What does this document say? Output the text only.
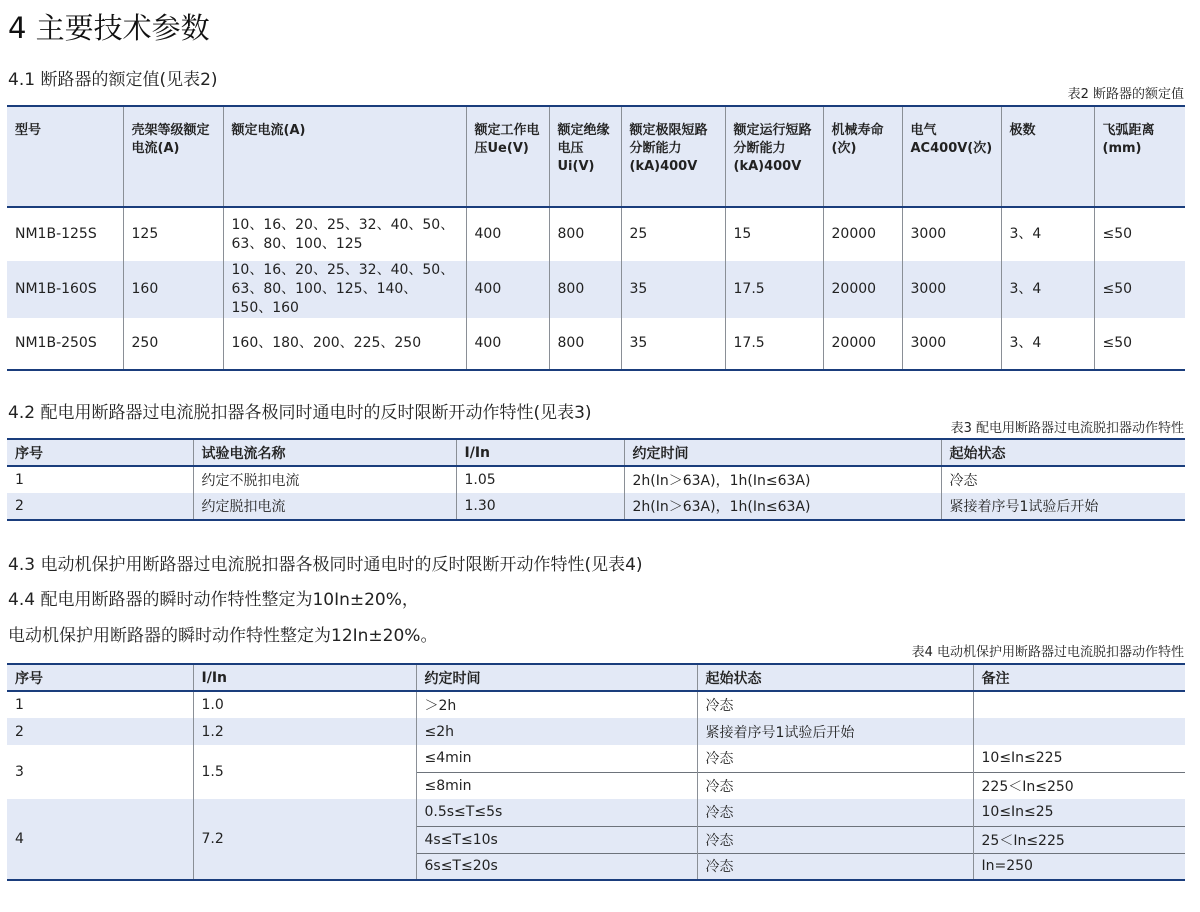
4 主要技术参数
4.1 断路器的额定值(见表2)
表2 断路器的额定值
型号	壳架等级额定电流(A)	额定电流(A)	额定工作电压Ue(V)	额定绝缘电压Ui(V)	额定极限短路分断能力(kA)400V	额定运行短路分断能力(kA)400V	机械寿命(次)	电气AC400V(次)	极数	飞弧距离(mm)
NM1B-125S	125	10、16、20、25、32、40、50、63、80、100、125	400	800	25	15	20000	3000	3、4	≤50
NM1B-160S	160	10、16、20、25、32、40、50、63、80、100、125、140、150、160	400	800	35	17.5	20000	3000	3、4	≤50
NM1B-250S	250	160、180、200、225、250	400	800	35	17.5	20000	3000	3、4	≤50
4.2 配电用断路器过电流脱扣器各极同时通电时的反时限断开动作特性(见表3)
表3 配电用断路器过电流脱扣器动作特性
序号	试验电流名称	I/In	约定时间	起始状态
1	约定不脱扣电流	1.05	2h(In＞63A)，1h(In≤63A)	冷态
2	约定脱扣电流	1.30	2h(In＞63A)，1h(In≤63A)	紧接着序号1试验后开始
4.3 电动机保护用断路器过电流脱扣器各极同时通电时的反时限断开动作特性(见表4)
4.4 配电用断路器的瞬时动作特性整定为10In±20%，
电动机保护用断路器的瞬时动作特性整定为12In±20%。
表4 电动机保护用断路器过电流脱扣器动作特性
序号	I/In	约定时间	起始状态	备注
1	1.0	＞2h	冷态	
2	1.2	≤2h	紧接着序号1试验后开始	
3	1.5	≤4min	冷态	10≤In≤225
		≤8min	冷态	225＜In≤250
4	7.2	0.5s≤T≤5s	冷态	10≤In≤25
		4s≤T≤10s	冷态	25＜In≤225
		6s≤T≤20s	冷态	In=250
